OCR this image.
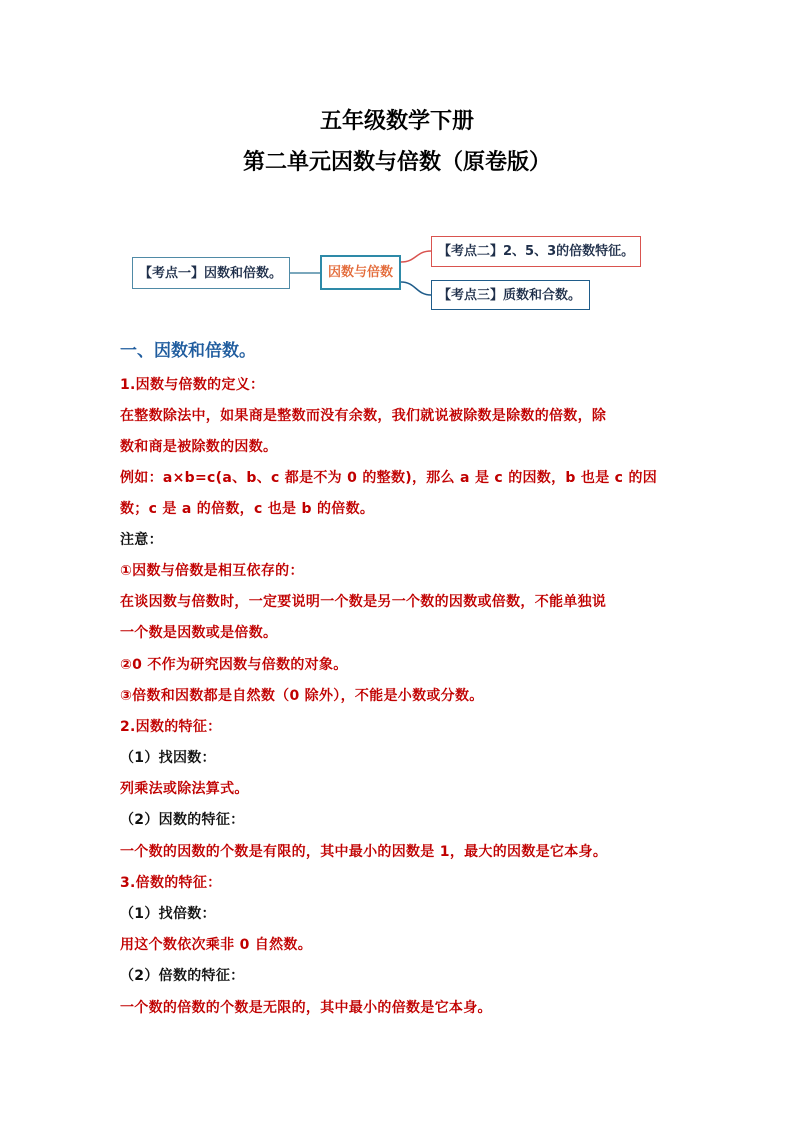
五年级数学下册
第二单元因数与倍数（原卷版）
【考点一】因数和倍数。	因数与倍数
【考点二】2、5、3的倍数特征。
【考点三】质数和合数。
一、因数和倍数。
1.因数与倍数的定义：
在整数除法中，如果商是整数而没有余数，我们就说被除数是除数的倍数，除
数和商是被除数的因数。
例如：a×b=c(a、b、c 都是不为 0 的整数)，那么 a 是 c 的因数，b 也是 c 的因
数；c 是 a 的倍数，c 也是 b 的倍数。
注意：
①因数与倍数是相互依存的：
在谈因数与倍数时，一定要说明一个数是另一个数的因数或倍数，不能单独说
一个数是因数或是倍数。
②0 不作为研究因数与倍数的对象。
③倍数和因数都是自然数（0 除外），不能是小数或分数。
2.因数的特征：
（1）找因数：
列乘法或除法算式。
（2）因数的特征：
一个数的因数的个数是有限的，其中最小的因数是 1，最大的因数是它本身。
3.倍数的特征：
（1）找倍数：
用这个数依次乘非 0 自然数。
（2）倍数的特征：
一个数的倍数的个数是无限的，其中最小的倍数是它本身。
